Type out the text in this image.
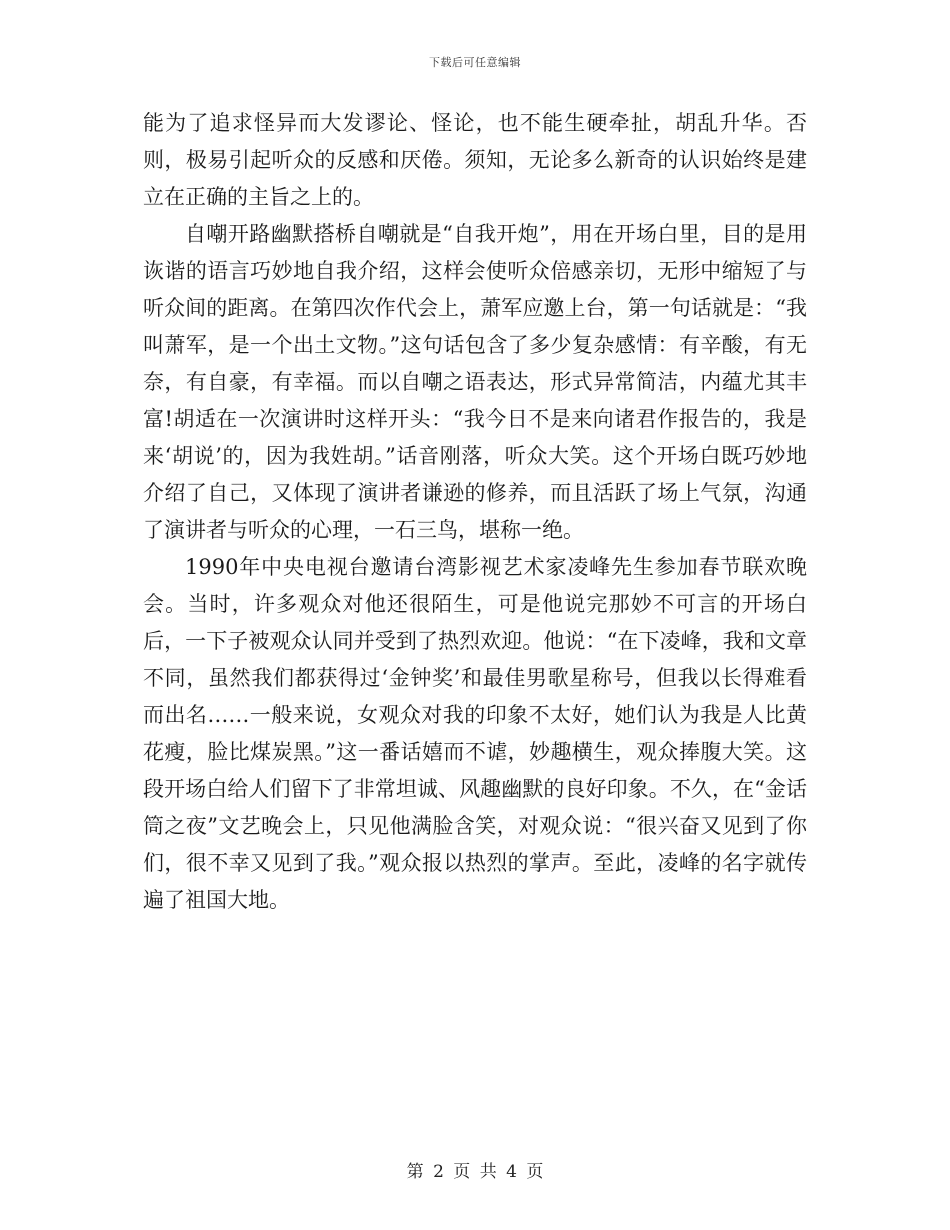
下载后可任意编辑

能为了追求怪异而大发谬论、怪论，也不能生硬牵扯，胡乱升华。否则，极易引起听众的反感和厌倦。须知，无论多么新奇的认识始终是建立在正确的主旨之上的。

自嘲开路幽默搭桥自嘲就是“自我开炮”，用在开场白里，目的是用诙谐的语言巧妙地自我介绍，这样会使听众倍感亲切，无形中缩短了与听众间的距离。在第四次作代会上，萧军应邀上台，第一句话就是：“我叫萧军，是一个出土文物。”这句话包含了多少复杂感情：有辛酸，有无奈，有自豪，有幸福。而以自嘲之语表达，形式异常简洁，内蕴尤其丰富!胡适在一次演讲时这样开头：“我今日不是来向诸君作报告的，我是来‘胡说’的，因为我姓胡。”话音刚落，听众大笑。这个开场白既巧妙地介绍了自己，又体现了演讲者谦逊的修养，而且活跃了场上气氛，沟通了演讲者与听众的心理，一石三鸟，堪称一绝。

1990年中央电视台邀请台湾影视艺术家凌峰先生参加春节联欢晚会。当时，许多观众对他还很陌生，可是他说完那妙不可言的开场白后，一下子被观众认同并受到了热烈欢迎。他说：“在下凌峰，我和文章不同，虽然我们都获得过‘金钟奖’和最佳男歌星称号，但我以长得难看而出名……一般来说，女观众对我的印象不太好，她们认为我是人比黄花瘦，脸比煤炭黑。”这一番话嬉而不谑，妙趣横生，观众捧腹大笑。这段开场白给人们留下了非常坦诚、风趣幽默的良好印象。不久，在“金话筒之夜”文艺晚会上，只见他满脸含笑，对观众说：“很兴奋又见到了你们，很不幸又见到了我。”观众报以热烈的掌声。至此，凌峰的名字就传遍了祖国大地。

第 2 页 共 4 页
